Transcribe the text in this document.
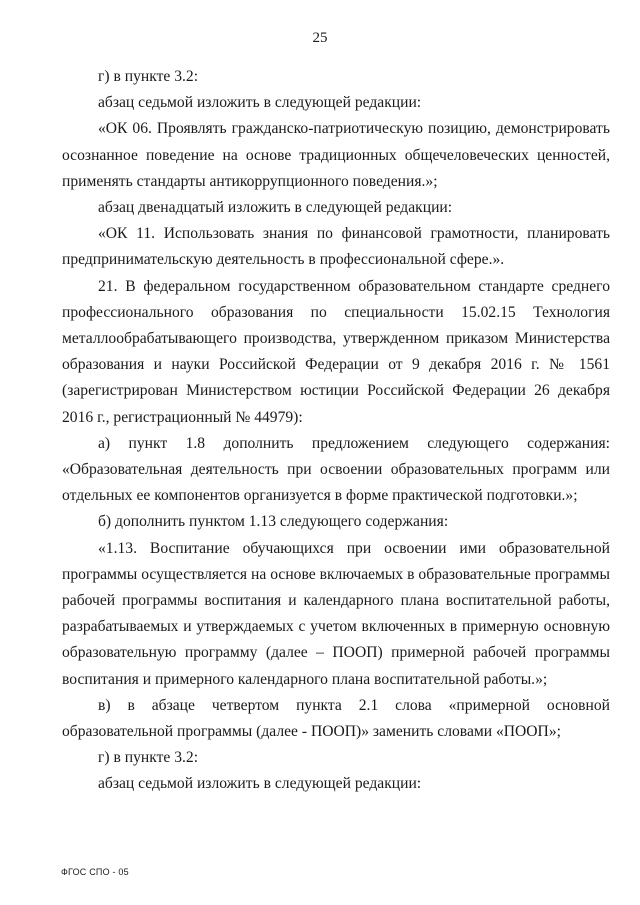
25

г) в пункте 3.2:

абзац седьмой изложить в следующей редакции:

«ОК 06. Проявлять гражданско-патриотическую позицию, демонстрировать осознанное поведение на основе традиционных общечеловеческих ценностей, применять стандарты антикоррупционного поведения.»;

абзац двенадцатый изложить в следующей редакции:

«ОК 11. Использовать знания по финансовой грамотности, планировать предпринимательскую деятельность в профессиональной сфере.».

21. В федеральном государственном образовательном стандарте среднего профессионального образования по специальности 15.02.15 Технология металлообрабатывающего производства, утвержденном приказом Министерства образования и науки Российской Федерации от 9 декабря 2016 г. № 1561 (зарегистрирован Министерством юстиции Российской Федерации 26 декабря 2016 г., регистрационный № 44979):

а) пункт 1.8 дополнить предложением следующего содержания: «Образовательная деятельность при освоении образовательных программ или отдельных ее компонентов организуется в форме практической подготовки.»;

б) дополнить пунктом 1.13 следующего содержания:

«1.13. Воспитание обучающихся при освоении ими образовательной программы осуществляется на основе включаемых в образовательные программы рабочей программы воспитания и календарного плана воспитательной работы, разрабатываемых и утверждаемых с учетом включенных в примерную основную образовательную программу (далее – ПООП) примерной рабочей программы воспитания и примерного календарного плана воспитательной работы.»;

в) в абзаце четвертом пункта 2.1 слова «примерной основной образовательной программы (далее - ПООП)» заменить словами «ПООП»;

г) в пункте 3.2:

абзац седьмой изложить в следующей редакции:

ФГОС СПО - 05
